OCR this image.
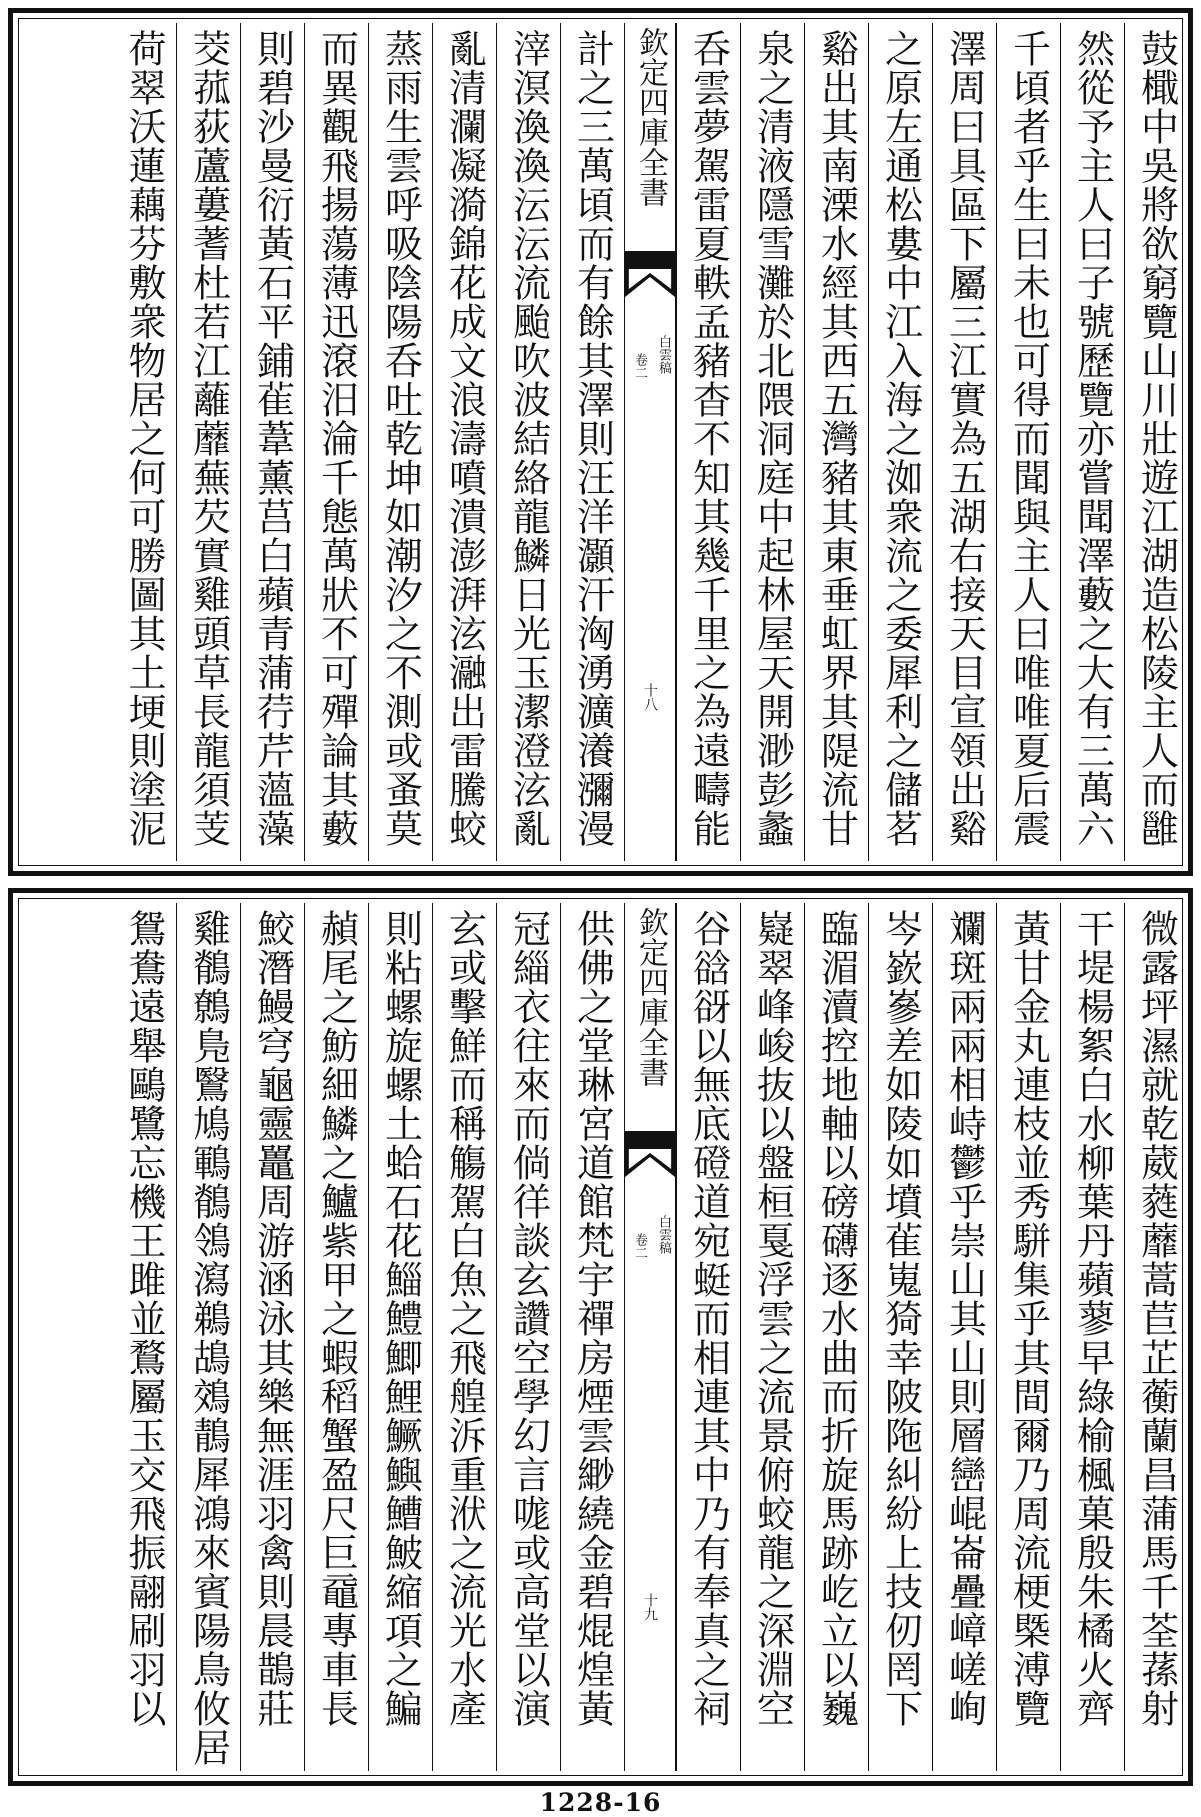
鼓檝中吳將欲窮覽山川壯遊江湖造松陵主人而雝
然從予主人曰子號歷覽亦嘗聞澤藪之大有三萬六
千頃者乎生曰未也可得而聞與主人曰唯唯夏后震
澤周曰具區下屬三江實為五湖右接天目宣領出谿
之原左通松婁中江入海之洳衆流之委犀利之儲茗
谿出其南溧水經其西五灣豬其東垂虹界其隄流甘
泉之清液隱雪灘於北隈洞庭中起林屋天開渺彭蠡
呑雲夢駕雷夏軼孟豬杳不知其幾千里之為遠疇能
欽定四庫全書
卷二 白雲稿
十八
計之三萬頃而有餘其澤則汪洋灝汗洶湧瀇瀁瀰漫
滓溟渙渙沄沄流颱吹波結絡龍鱗日光玉潔澄泫亂
亂清瀾凝漪錦花成文浪濤噴潰澎湃泫瀜出雷騰蛟
蒸雨生雲呼吸陰陽呑吐乾坤如潮汐之不測或蚤莫
而異觀飛揚蕩薄迅滾汨淪千態萬狀不可殫論其藪
則碧沙曼衍黃石平鋪雈葦薰莒白蘋青蒲荇芹薀藻
茭菰荻蘆蔞蓍杜若江蘺蘼蕪芡實雞頭草長龍須芰
荷翠沃蓮藕芬敷衆物居之何可勝圖其土埂則塗泥
微露坪濕就乾葳蕤蘼蒿苣芷蘅蘭昌蒲馬千荃蓀射
干堤楊絮白水柳葉丹蘋蓼早綠榆楓菓殷朱橘火齊
黃甘金丸連枝並秀駢集乎其間爾乃周流梗槩溥覽
斕斑兩兩相峙鬱乎崇山其山則層巒崐崙疊嶂嵯峋
岑嶔嵾差如陵如墳雈嵬猗幸陂陁糾紛上技仞罔下
臨湄瀆控地軸以磅礴逐水曲而折旋馬跡屹立以巍
嶷翠峰峻抜以盤桓戛浮雲之流景俯蛟龍之深淵空
谷谽谺以無底磴道宛蜓而相連其中乃有奉真之祠
欽定四庫全書
卷二 白雲稿
十九
供佛之堂琳宮道館梵宇禪房煙雲緲繞金碧焜煌黃
冠緇衣往來而倘徉談玄讚空學幻言哤或高堂以演
玄或擊鮮而稱觴駕白魚之飛艎泝重洑之流光水產
則粘螺旋螺土蛤石花鯔鱧鯽鯉鱖鱮鰽鮍縮項之鯿
赬尾之魴細鱗之鱸紫甲之蝦稻蟹盈尺巨黿專車長
鮫潛鰻穹龜靈鼉周游涵泳其樂無涯羽禽則晨鵲莊
雞鶺鷯鳬鷖鳩鶤鶺鴒瀉鵜鴣鵁鶄犀鴻來賓陽鳥攸居
鴛鴦遠舉鷗鷺忘機王雎並鶩屬玉交飛振翮刷羽以
1228-16
